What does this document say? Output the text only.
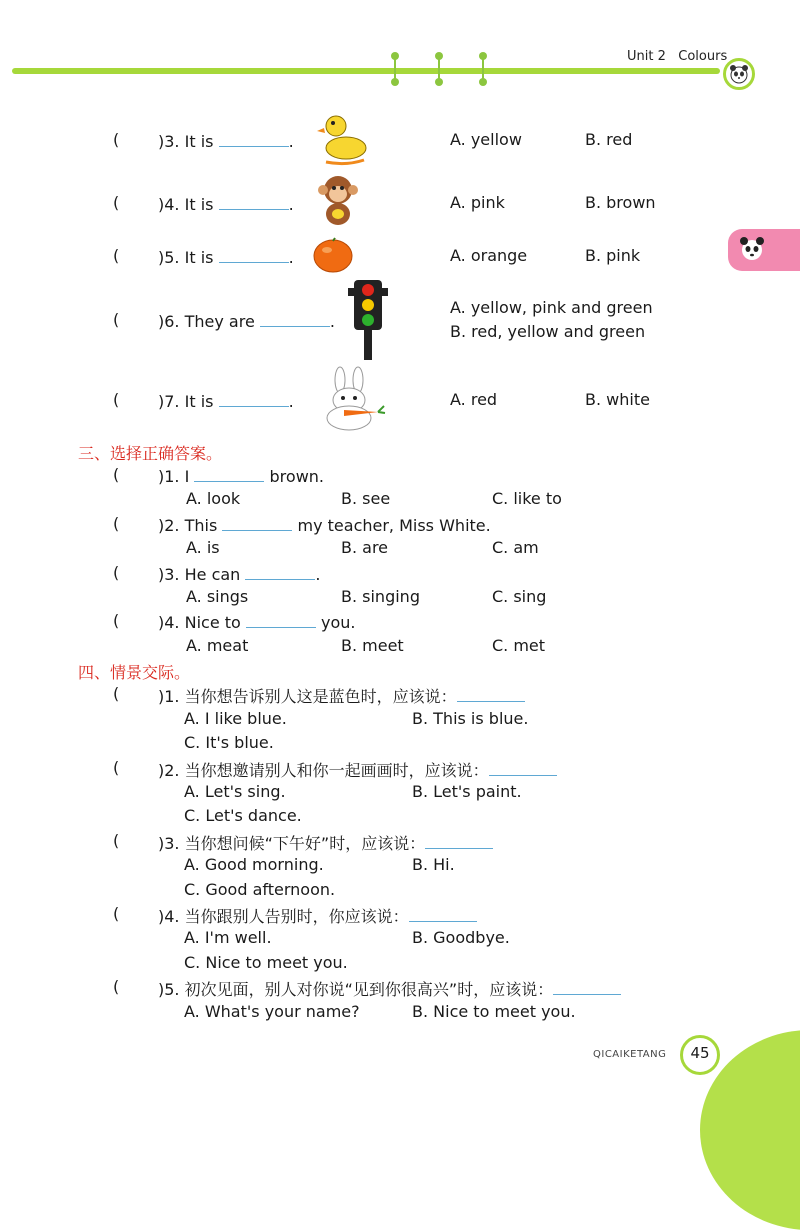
Unit 2 Colours
( )3. It is	.	A. yellow	B. red
( )4. It is	.	A. pink	B. brown
( )5. It is	.	A. orange	B. pink
( )6. They are	.
A. yellow, pink and green
B. red, yellow and green
( )7. It is	.	A. red	B. white
三、选择正确答案。
( )1. I	brown.
A. look	B. see	C. like to
( )2. This	my teacher, Miss White.
A. is	B. are	C. am
( )3. He can	.
A. sings	B. singing	C. sing
( )4. Nice to	you.
A. meat	B. meet	C. met
四、情景交际。
( )1. 当你想告诉别人这是蓝色时，应该说：
A. I like blue.	B. This is blue.
C. It's blue.
( )2. 当你想邀请别人和你一起画画时，应该说：
A. Let's sing.	B. Let's paint.
C. Let's dance.
( )3. 当你想问候“下午好”时，应该说：
A. Good morning.	B. Hi.
C. Good afternoon.
( )4. 当你跟别人告别时，你应该说：
A. I'm well.	B. Goodbye.
C. Nice to meet you.
( )5. 初次见面，别人对你说“见到你很高兴”时，应该说：
A. What's your name?	B. Nice to meet you.
45
QICAIKETANG
